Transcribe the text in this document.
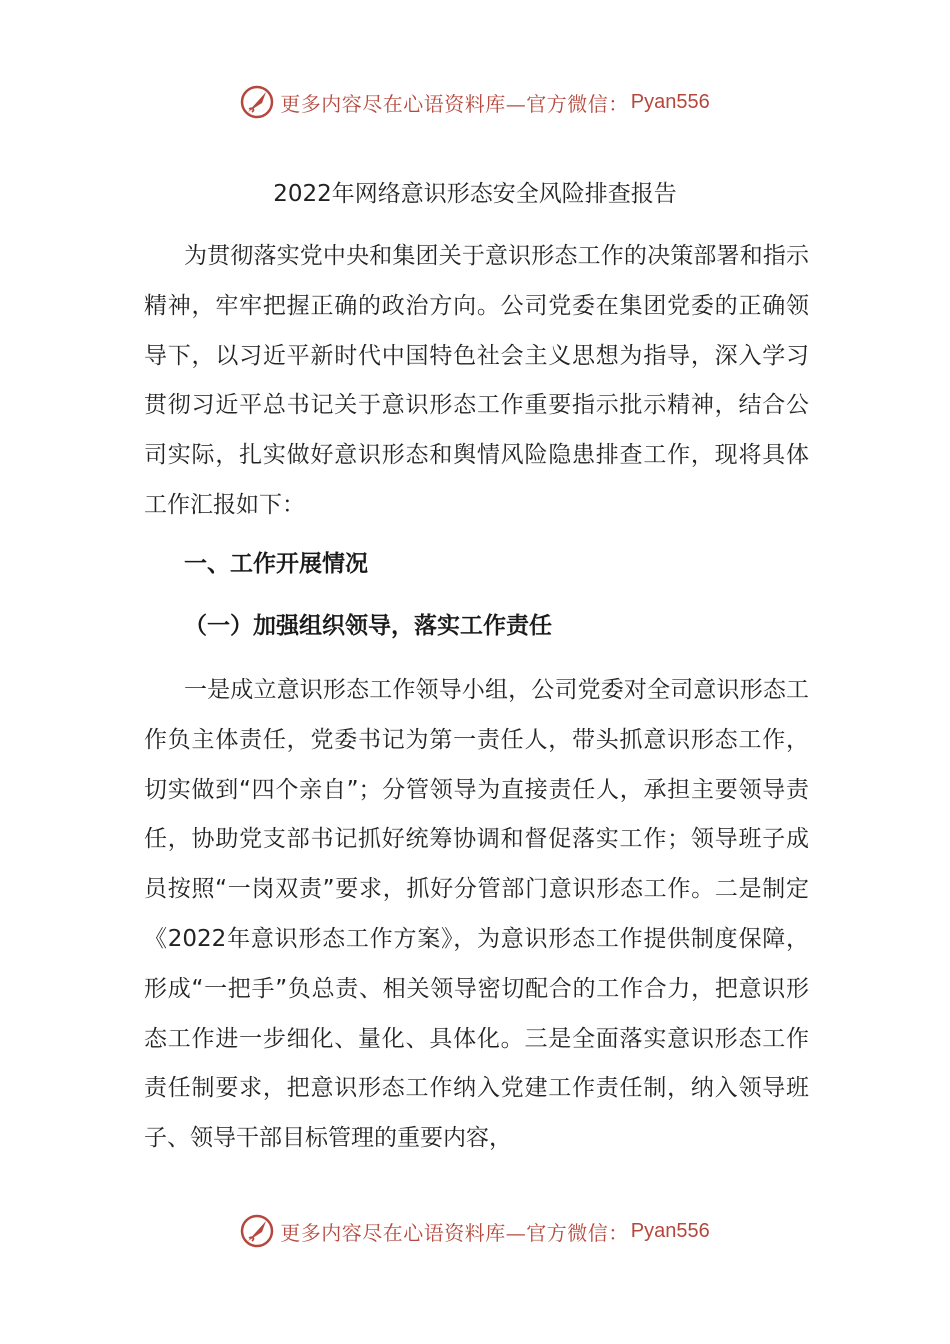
更多内容尽在心语资料库—官方微信： Pyan556
2022年网络意识形态安全风险排查报告

为贯彻落实党中央和集团关于意识形态工作的决策部署和指示精神，牢牢把握正确的政治方向。公司党委在集团党委的正确领导下，以习近平新时代中国特色社会主义思想为指导，深入学习贯彻习近平总书记关于意识形态工作重要指示批示精神，结合公司实际，扎实做好意识形态和舆情风险隐患排查工作，现将具体工作汇报如下：

一、工作开展情况
（一）加强组织领导，落实工作责任

一是成立意识形态工作领导小组，公司党委对全司意识形态工作负主体责任，党委书记为第一责任人，带头抓意识形态工作，切实做到“四个亲自”；分管领导为直接责任人，承担主要领导责任，协助党支部书记抓好统筹协调和督促落实工作；领导班子成员按照“一岗双责”要求，抓好分管部门意识形态工作。二是制定《2022年意识形态工作方案》，为意识形态工作提供制度保障，形成“一把手”负总责、相关领导密切配合的工作合力，把意识形态工作进一步细化、量化、具体化。三是全面落实意识形态工作责任制要求，把意识形态工作纳入党建工作责任制，纳入领导班子、领导干部目标管理的重要内容，

更多内容尽在心语资料库—官方微信： Pyan556
